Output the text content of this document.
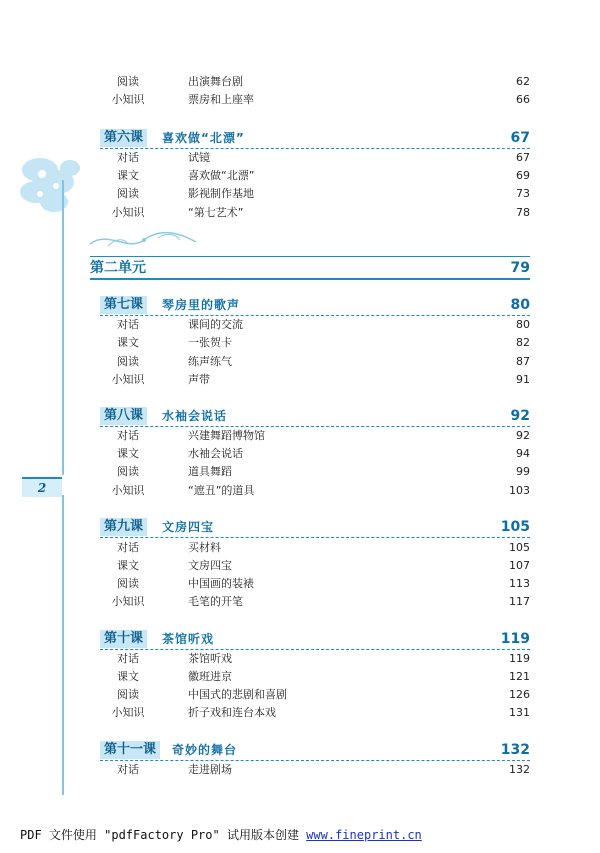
2
阅读	出演舞台剧	62
小知识	票房和上座率	66
第六课	喜欢做“北漂”	67
对话	试镜	67
课文	喜欢做“北漂”	69
阅读	影视制作基地	73
小知识	“第七艺术”	78
第二单元	79
第七课	琴房里的歌声	80
对话	课间的交流	80
课文	一张贺卡	82
阅读	练声练气	87
小知识	声带	91
第八课	水袖会说话	92
对话	兴建舞蹈博物馆	92
课文	水袖会说话	94
阅读	道具舞蹈	99
小知识	“遮丑”的道具	103
第九课	文房四宝	105
对话	买材料	105
课文	文房四宝	107
阅读	中国画的装裱	113
小知识	毛笔的开笔	117
第十课	茶馆听戏	119
对话	茶馆听戏	119
课文	徽班进京	121
阅读	中国式的悲剧和喜剧	126
小知识	折子戏和连台本戏	131
第十一课	奇妙的舞台	132
对话	走进剧场	132
PDF 文件使用 "pdfFactory Pro" 试用版本创建 www.fineprint.cn
